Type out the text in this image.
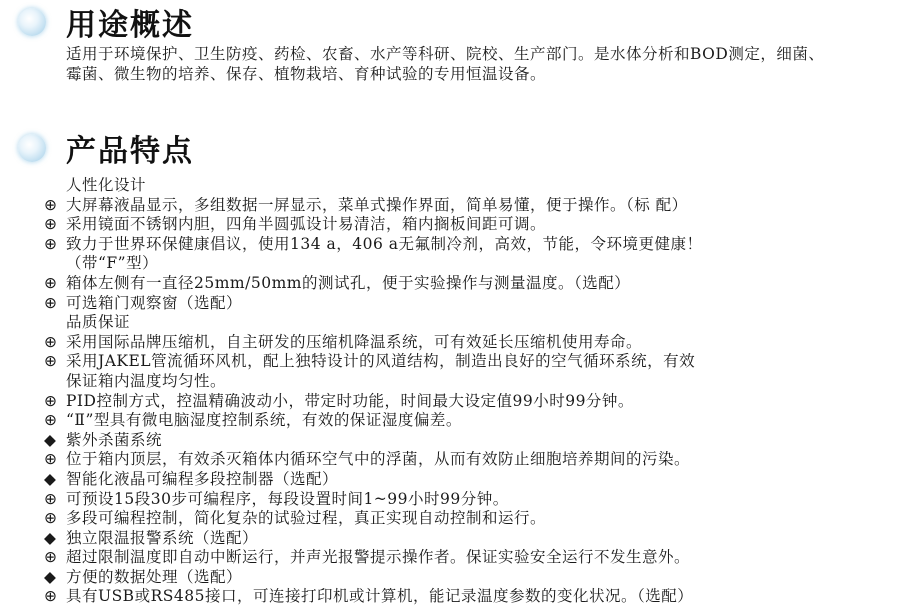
用途概述
适用于环境保护、卫生防疫、药检、农畜、水产等科研、院校、生产部门。是水体分析和BOD测定，细菌、霉菌、微生物的培养、保存、植物栽培、育种试验的专用恒温设备。
产品特点
人性化设计
⊕ 大屏幕液晶显示，多组数据一屏显示，菜单式操作界面，简单易懂，便于操作。（标 配）
⊕ 采用镜面不锈钢内胆，四角半圆弧设计易清洁，箱内搁板间距可调。
⊕ 致力于世界环保健康倡议，使用134 a，406 a无氟制冷剂，高效，节能，令环境更健康！
（带“F”型）
⊕ 箱体左侧有一直径25mm/50mm的测试孔，便于实验操作与测量温度。（选配）
⊕ 可选箱门观察窗（选配）
品质保证
⊕ 采用国际品牌压缩机，自主研发的压缩机降温系统，可有效延长压缩机使用寿命。
⊕ 采用JAKEL管流循环风机，配上独特设计的风道结构，制造出良好的空气循环系统，有效
保证箱内温度均匀性。
⊕ PID控制方式，控温精确波动小，带定时功能，时间最大设定值99小时99分钟。
⊕ “Ⅱ”型具有微电脑湿度控制系统，有效的保证湿度偏差。
◆ 紫外杀菌系统
⊕ 位于箱内顶层，有效杀灭箱体内循环空气中的浮菌，从而有效防止细胞培养期间的污染。
◆ 智能化液晶可编程多段控制器（选配）
⊕ 可预设15段30步可编程序，每段设置时间1~99小时99分钟。
⊕ 多段可编程控制，简化复杂的试验过程，真正实现自动控制和运行。
◆ 独立限温报警系统（选配）
⊕ 超过限制温度即自动中断运行，并声光报警提示操作者。保证实验安全运行不发生意外。
◆ 方便的数据处理（选配）
⊕ 具有USB或RS485接口，可连接打印机或计算机，能记录温度参数的变化状况。（选配）
